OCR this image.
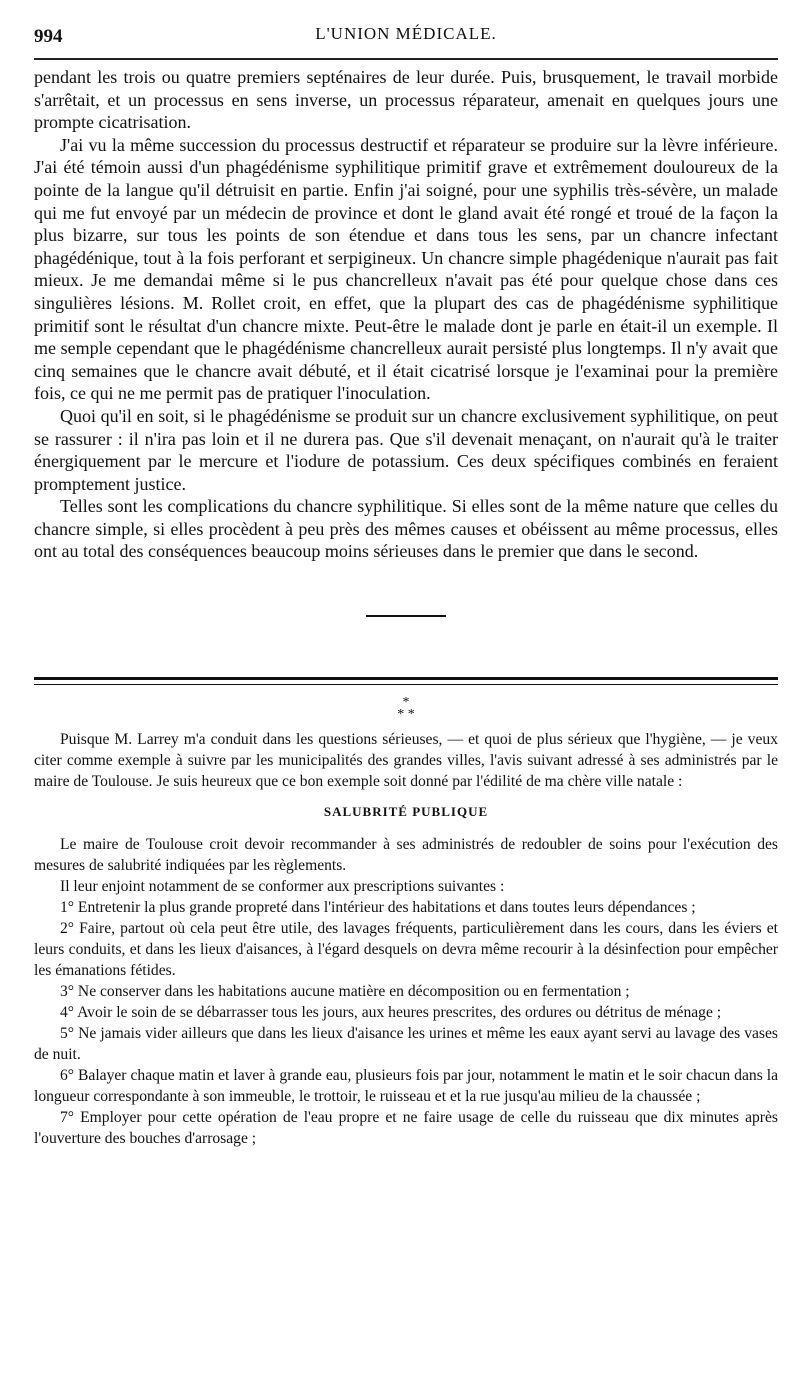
994	L'UNION MÉDICALE.

pendant les trois ou quatre premiers septénaires de leur durée. Puis, brusquement, le travail morbide s'arrêtait, et un processus en sens inverse, un processus réparateur, amenait en quelques jours une prompte cicatrisation.

J'ai vu la même succession du processus destructif et réparateur se produire sur la lèvre inférieure. J'ai été témoin aussi d'un phagédénisme syphilitique primitif grave et extrêmement douloureux de la pointe de la langue qu'il détruisit en partie. Enfin j'ai soigné, pour une syphilis très-sévère, un malade qui me fut envoyé par un médecin de province et dont le gland avait été rongé et troué de la façon la plus bizarre, sur tous les points de son étendue et dans tous les sens, par un chancre infectant phagédénique, tout à la fois perforant et serpigineux. Un chancre simple phagédenique n'aurait pas fait mieux. Je me demandai même si le pus chancrelleux n'avait pas été pour quelque chose dans ces singulières lésions. M. Rollet croit, en effet, que la plupart des cas de phagédénisme syphilitique primitif sont le résultat d'un chancre mixte. Peut-être le malade dont je parle en était-il un exemple. Il me semple cependant que le phagédénisme chancrelleux aurait persisté plus longtemps. Il n'y avait que cinq semaines que le chancre avait débuté, et il était cicatrisé lorsque je l'examinai pour la première fois, ce qui ne me permit pas de pratiquer l'inoculation.

Quoi qu'il en soit, si le phagédénisme se produit sur un chancre exclusivement syphilitique, on peut se rassurer : il n'ira pas loin et il ne durera pas. Que s'il devenait menaçant, on n'aurait qu'à le traiter énergiquement par le mercure et l'iodure de potassium. Ces deux spécifiques combinés en feraient promptement justice.

Telles sont les complications du chancre syphilitique. Si elles sont de la même nature que celles du chancre simple, si elles procèdent à peu près des mêmes causes et obéissent au même processus, elles ont au total des conséquences beaucoup moins sérieuses dans le premier que dans le second.

*
* *

Puisque M. Larrey m'a conduit dans les questions sérieuses, — et quoi de plus sérieux que l'hygiène, — je veux citer comme exemple à suivre par les municipalités des grandes villes, l'avis suivant adressé à ses administrés par le maire de Toulouse. Je suis heureux que ce bon exemple soit donné par l'édilité de ma chère ville natale :

SALUBRITÉ PUBLIQUE

Le maire de Toulouse croit devoir recommander à ses administrés de redoubler de soins pour l'exécution des mesures de salubrité indiquées par les règlements.

Il leur enjoint notamment de se conformer aux prescriptions suivantes :

1° Entretenir la plus grande propreté dans l'intérieur des habitations et dans toutes leurs dépendances ;
2° Faire, partout où cela peut être utile, des lavages fréquents, particulièrement dans les cours, dans les éviers et leurs conduits, et dans les lieux d'aisances, à l'égard desquels on devra même recourir à la désinfection pour empêcher les émanations fétides.
3° Ne conserver dans les habitations aucune matière en décomposition ou en fermentation ;
4° Avoir le soin de se débarrasser tous les jours, aux heures prescrites, des ordures ou détritus de ménage ;
5° Ne jamais vider ailleurs que dans les lieux d'aisance les urines et même les eaux ayant servi au lavage des vases de nuit.
6° Balayer chaque matin et laver à grande eau, plusieurs fois par jour, notamment le matin et le soir chacun dans la longueur correspondante à son immeuble, le trottoir, le ruisseau et et la rue jusqu'au milieu de la chaussée ;
7° Employer pour cette opération de l'eau propre et ne faire usage de celle du ruisseau que dix minutes après l'ouverture des bouches d'arrosage ;
